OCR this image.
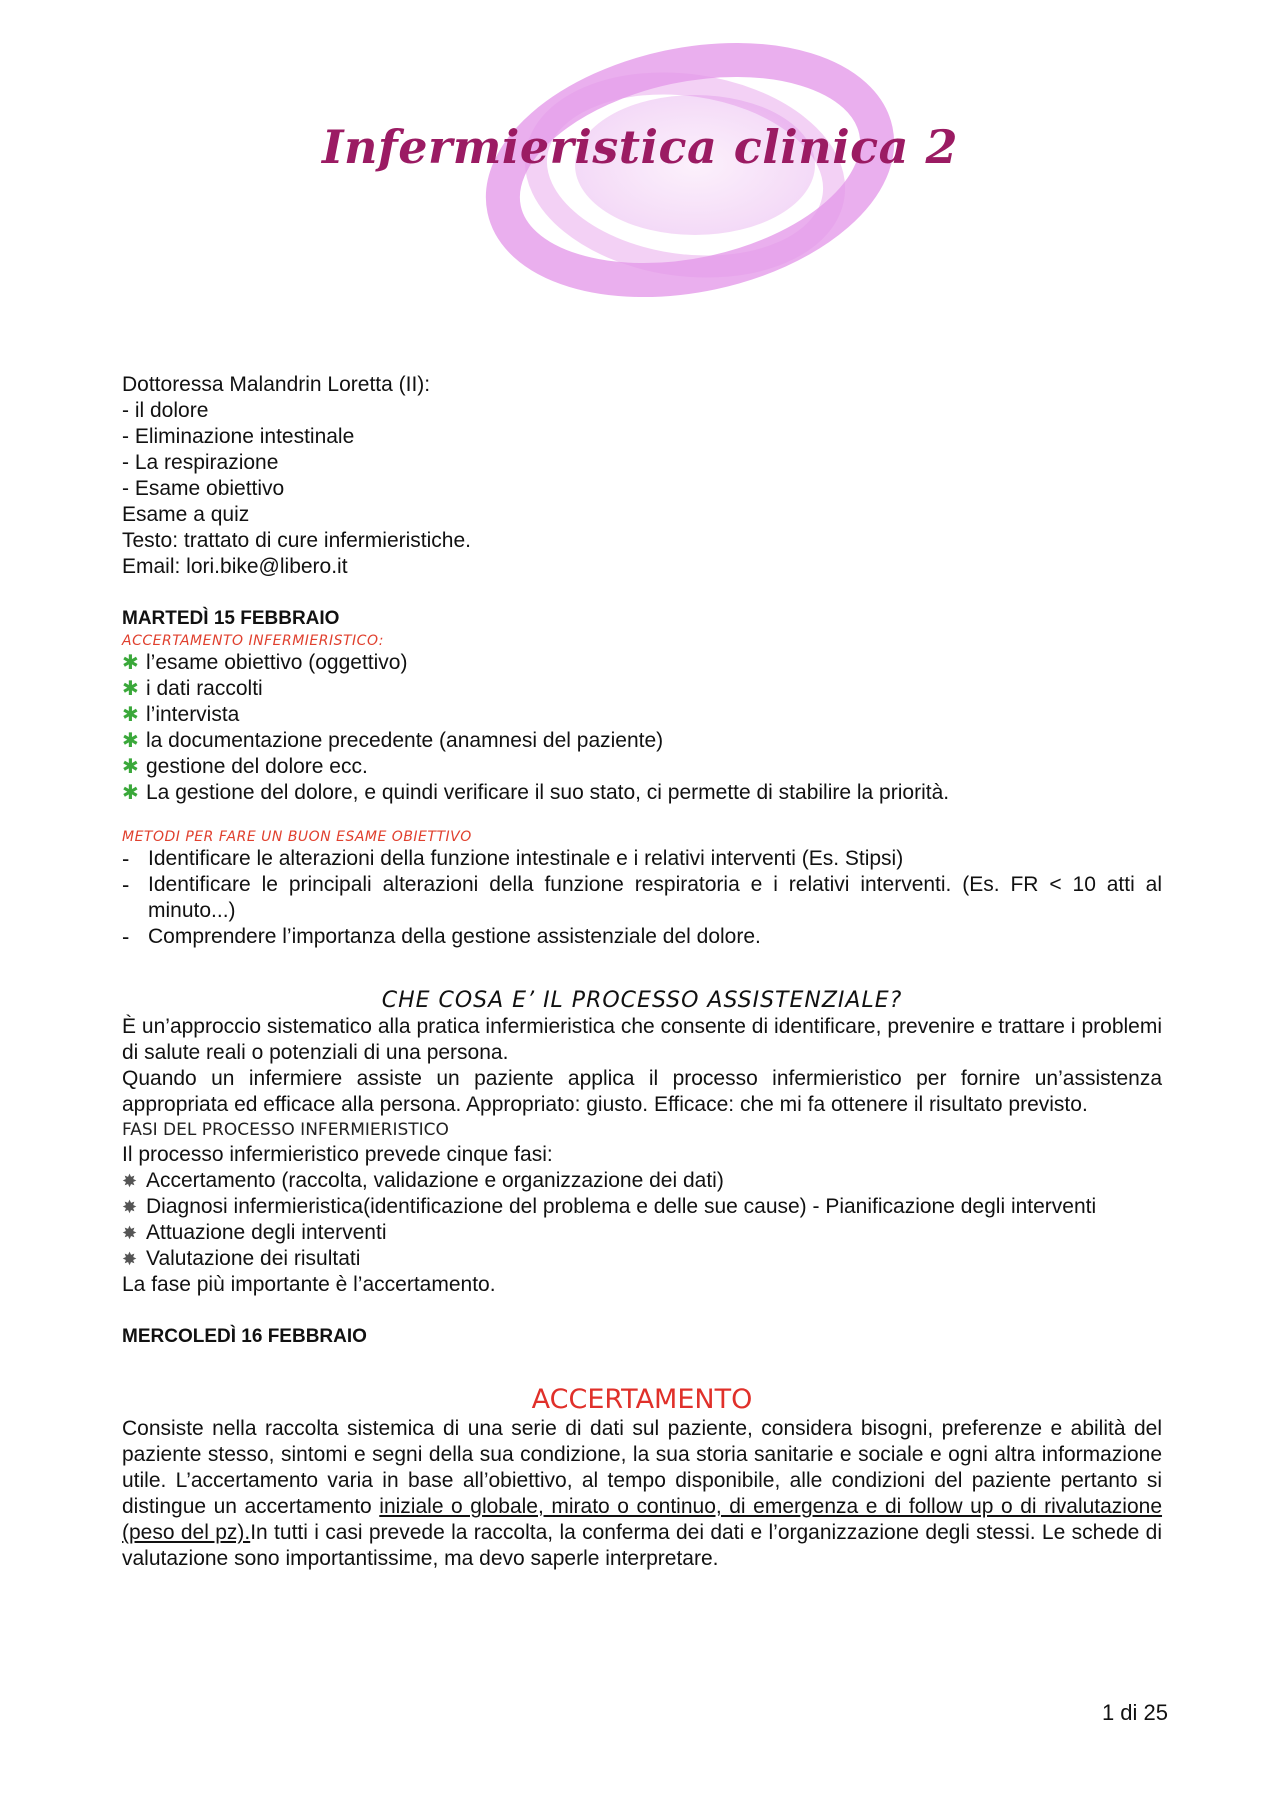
Infermieristica clinica 2

Dottoressa Malandrin Loretta (II):

- il dolore

- Eliminazione intestinale

- La respirazione

- Esame obiettivo

Esame a quiz

Testo: trattato di cure infermieristiche.

Email: lori.bike@libero.it

MARTEDÌ 15 FEBBRAIO

ACCERTAMENTO INFERMIERISTICO:

✱ l’esame obiettivo (oggettivo)
✱ i dati raccolti
✱ l’intervista
✱ la documentazione precedente (anamnesi del paziente)
✱ gestione del dolore ecc.
✱ La gestione del dolore, e quindi verificare il suo stato, ci permette di stabilire la priorità.

METODI PER FARE UN BUON ESAME OBIETTIVO

- Identificare le alterazioni della funzione intestinale e i relativi interventi (Es. Stipsi)
- Identificare le principali alterazioni della funzione respiratoria e i relativi interventi. (Es. FR < 10 atti al minuto...)
- Comprendere l’importanza della gestione assistenziale del dolore.

CHE COSA E’ IL PROCESSO ASSISTENZIALE?

È un’approccio sistematico alla pratica infermieristica che consente di identificare, prevenire e trattare i problemi di salute reali o potenziali di una persona.

Quando un infermiere assiste un paziente applica il processo infermieristico per fornire un’assistenza appropriata ed efficace alla persona. Appropriato: giusto. Efficace: che mi fa ottenere il risultato previsto.

FASI DEL PROCESSO INFERMIERISTICO

Il processo infermieristico prevede cinque fasi:

✸ Accertamento (raccolta, validazione e organizzazione dei dati)
✸ Diagnosi infermieristica(identificazione del problema e delle sue cause) - Pianificazione degli interventi
✸ Attuazione degli interventi
✸ Valutazione dei risultati

La fase più importante è l’accertamento.

MERCOLEDÌ 16 FEBBRAIO

ACCERTAMENTO

Consiste nella raccolta sistemica di una serie di dati sul paziente, considera bisogni, preferenze e abilità del paziente stesso, sintomi e segni della sua condizione, la sua storia sanitarie e sociale e ogni altra informazione utile. L’accertamento varia in base all’obiettivo, al tempo disponibile, alle condizioni del paziente pertanto si distingue un accertamento iniziale o globale, mirato o continuo, di emergenza e di follow up o di rivalutazione (peso del pz).In tutti i casi prevede la raccolta, la conferma dei dati e l’organizzazione degli stessi. Le schede di valutazione sono importantissime, ma devo saperle interpretare.

1 di 25
